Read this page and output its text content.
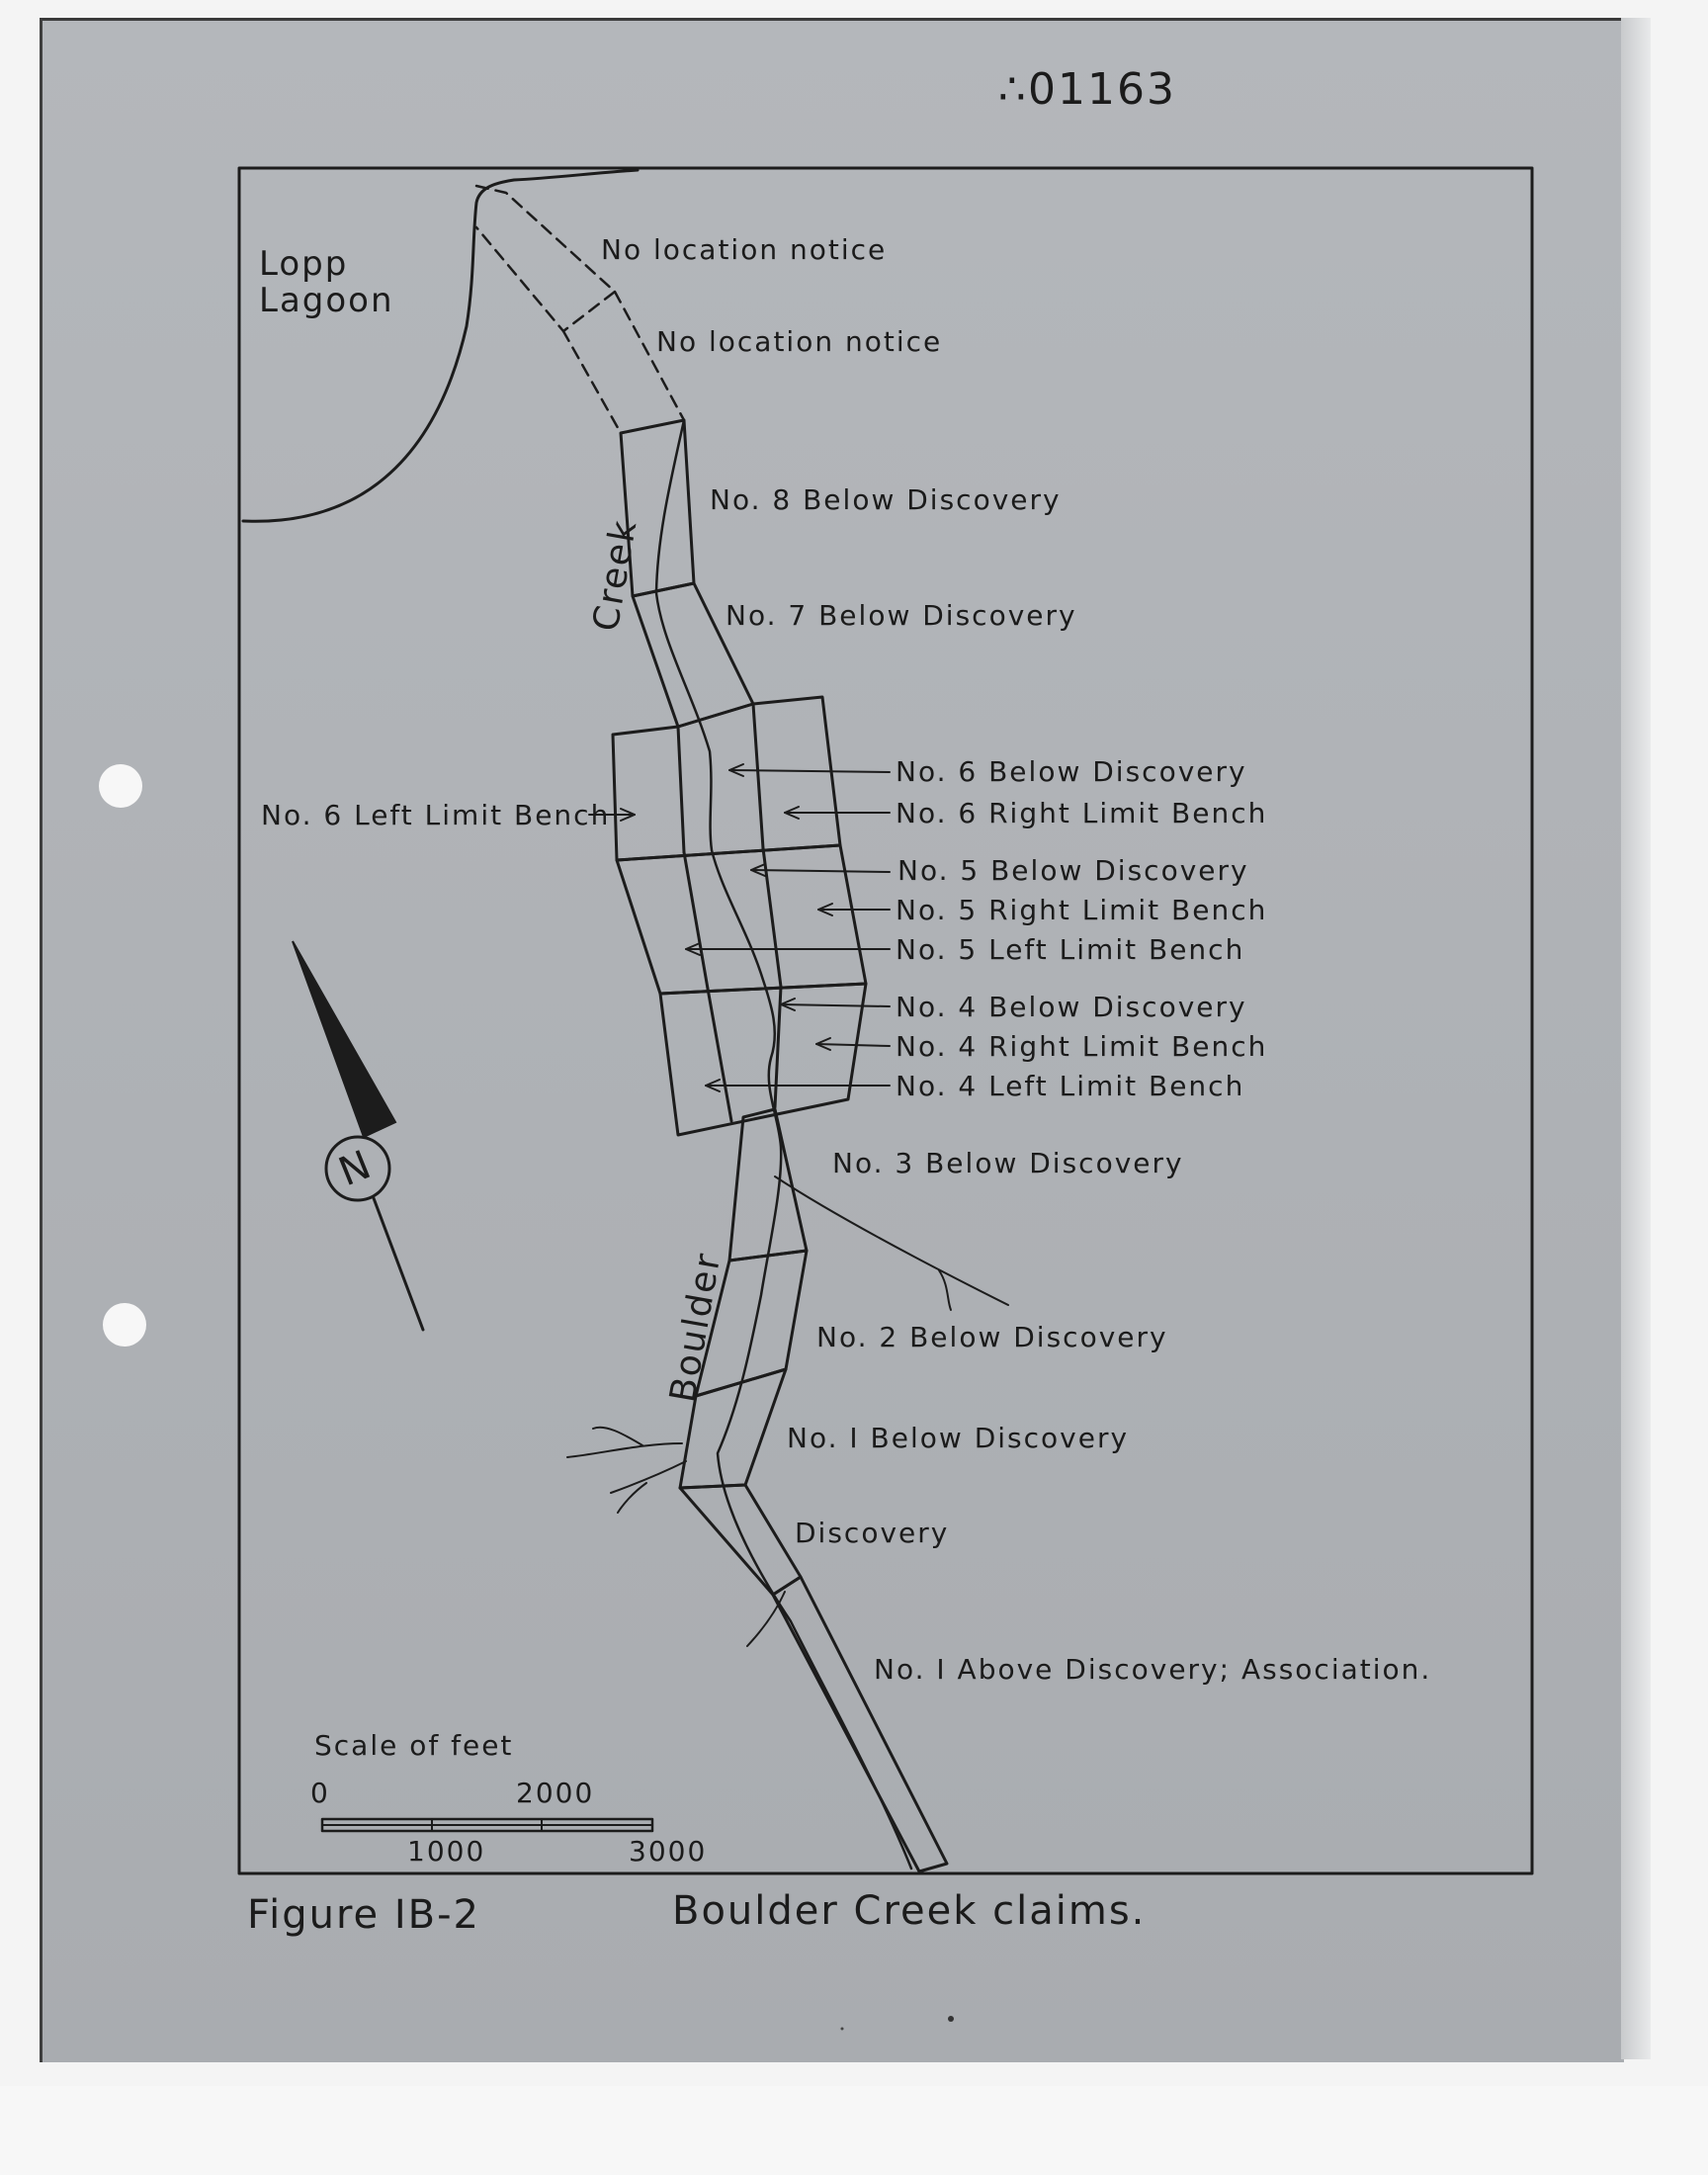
∴01163
Lopp Lagoon
Creek
Boulder
No location notice
No location notice
No. 8 Below Discovery
No. 7 Below Discovery
No. 6 Below Discovery
No. 6 Right Limit Bench
No. 6 Left Limit Bench
No. 5 Below Discovery
No. 5 Right Limit Bench
No. 5 Left Limit Bench
No. 4 Below Discovery
No. 4 Right Limit Bench
No. 4 Left Limit Bench
No. 3 Below Discovery
No. 2 Below Discovery
No. I Below Discovery
Discovery
No. I Above Discovery; Association.
N
Scale of feet
0	2000
1000	3000
Figure IB-2	Boulder Creek claims.
